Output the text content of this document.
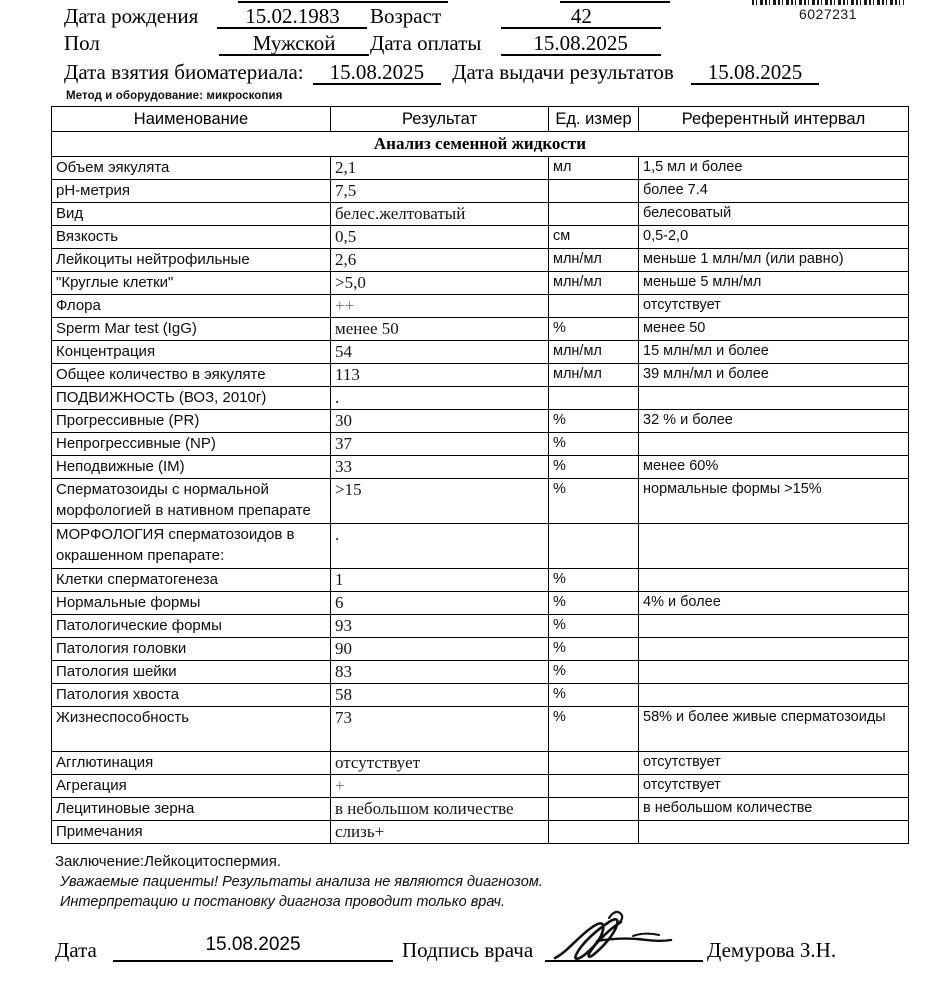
6027231
Дата рождения 15.02.1983	Возраст	42
Пол	Мужской	Дата оплаты 15.08.2025
Дата взятия биоматериала: 15.08.2025 Дата выдачи результатов 15.08.2025
Метод и оборудование: микроскопия
Наименование	Результат	Ед. измер	Референтный интервал
Анализ семенной жидкости			
Объем эякулята	2,1	мл	1,5 мл и более
pH-метрия	7,5		более 7.4
Вид	белес.желтоватый		белесоватый
Вязкость	0,5	см	0,5-2,0
Лейкоциты нейтрофильные	2,6	млн/мл	меньше 1 млн/мл (или равно)
"Круглые клетки"	>5,0	млн/мл	меньше 5 млн/мл
Флора	++		отсутствует
Sperm Mar test (IgG)	менее 50	%	менее 50
Концентрация	54	млн/мл	15 млн/мл и более
Общее количество в эякуляте	113	млн/мл	39 млн/мл и более
ПОДВИЖНОСТЬ (ВОЗ, 2010г)	.		
Прогрессивные (PR)	30	%	32 % и более
Непрогрессивные (NP)	37	%	
Неподвижные (IM)	33	%	менее 60%
Сперматозоиды с нормальной морфологией в нативном препарате	>15	%	нормальные формы >15%
МОРФОЛОГИЯ сперматозоидов в окрашенном препарате:	.		
Клетки сперматогенеза	1	%	
Нормальные формы	6	%	4% и более
Патологические формы	93	%	
Патология головки	90	%	
Патология шейки	83	%	
Патология хвоста	58	%	
Жизнеспособность	73	%	58% и более живые сперматозоиды
Агглютинация	отсутствует		отсутствует
Агрегация	+		отсутствует
Лецитиновые зерна	в небольшом количестве		в небольшом количестве
Примечания	слизь+		
Заключение:Лейкоцитоспермия.
Уважаемые пациенты! Результаты анализа не являются диагнозом.
Интерпретацию и постановку диагноза проводит только врач.
Дата	15.08.2025	Подпись врача	Демурова З.Н.
